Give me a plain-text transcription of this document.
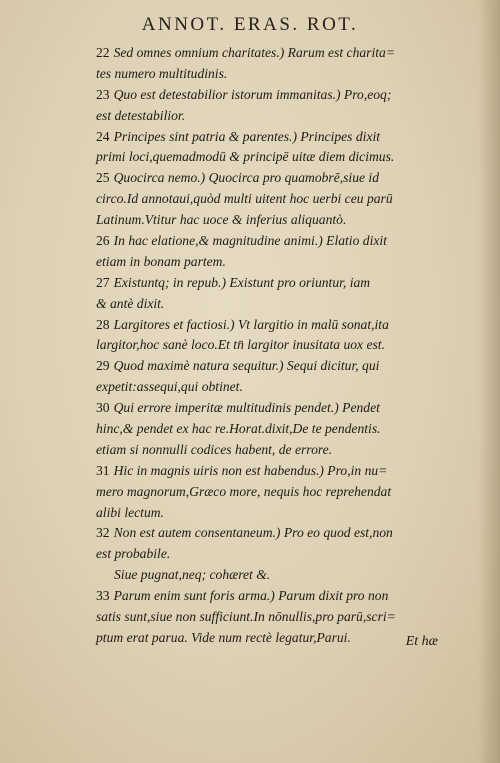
ANNOT. ERAS. ROT.
22 Sed omnes omnium charitates.) Rarum est charita=
tes numero multitudinis.
23 Quo est detestabilior istorum immanitas.) Pro,eoq;
est detestabilior.
24 Principes sint patria & parentes.) Principes dixit
primi loci,quemadmodū & principē uitæ diem dicimus.
25 Quocirca nemo.) Quocirca pro quamobrē,siue id
circo.Id annotaui,quòd multi uitent hoc uerbi ceu parū
Latinum.Vtitur hac uoce & inferius aliquantò.
26 In hac elatione,& magnitudine animi.) Elatio dixit
etiam in bonam partem.
27 Existuntq; in repub.) Existunt pro oriuntur, iam
& antè dixit.
28 Largitores et factiosi.) Vt largitio in malū sonat,ita
largitor,hoc sanè loco.Et tn̄ largitor inusitata uox est.
29 Quod maximè natura sequitur.) Sequi dicitur, qui
expetit:assequi,qui obtinet.
30 Qui errore imperitæ multitudinis pendet.) Pendet
hinc,& pendet ex hac re.Horat.dixit,De te pendentis.
etiam si nonnulli codices habent, de errore.
31 Hic in magnis uiris non est habendus.) Pro,in nu=
mero magnorum,Græco more, nequis hoc reprehendat
alibi lectum.
32 Non est autem consentaneum.) Pro eo quod est,non
est probabile.
Siue pugnat,neq; cohæret &.
33 Parum enim sunt foris arma.) Parum dixit pro non
satis sunt,siue non sufficiunt.In nōnullis,pro parū,scri=
ptum erat parua. Vide num rectè legatur,Parui.	Et hæ
